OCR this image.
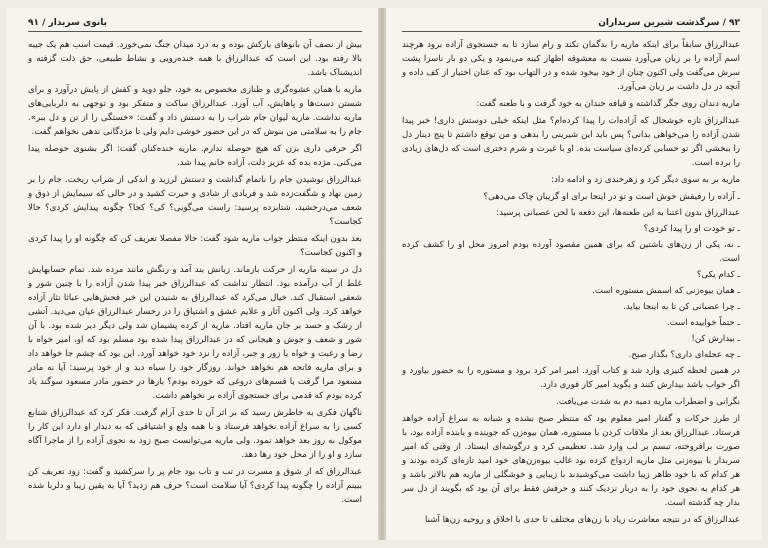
بانوی سربدار / ۹۱

بیش از نصف آن بانوهای بارکش بوده و به درد میدان جنگ نمی‌خورد. قیمت اسب هم یک جیبه بالا رفته بود. این است که عبدالرزاق با همه خنده‌رویی و نشاط طبیعی، حق ذلت گرفته و اندیشناک باشد.

ماریه با همان عشوه‌گری و طنازی مخصوص به خود، جلو دوید و کفش از پایش درآورد و برای شستن دست‌ها و پاهایش، آب آورد. عبدالرزاق ساکت و متفکر بود و توجهی به دلربایی‌های ماریه نداشت. ماریه لیوان جام شراب را به دستش داد و گفت: «خستگی را از تن و دل ببر». جام را به سلامتی من بنوش که در این حضور خوشی دایم ولی تا مژدگانی ندهی نخواهم گفت.

اگر حرفی داری بزن که هیچ حوصله ندارم. ماریه خنده‌کنان گفت: اگر بشنوی حوصله پیدا می‌کنی. مژده بده که عزیز دلت، آزاده خانم پیدا شد.

عبدالرزاق نوشیدن جام را ناتمام گذاشت و دستش لرزید و اندکی از شراب ریخت. جام را بر زمین نهاد و شگفت‌زده شد و فریادی از شادی و حیرت کشید و در حالی که سیمایش از ذوق و شعف می‌درخشید، شتابزده پرسید: راست می‌گویی؟ کی؟ کجا؟ چگونه پیدایش کردی؟ حالا کجاست؟

بعد بدون اینکه منتظر جواب ماریه شود گفت: حالا مفصلا تعریف کن که چگونه او را پیدا کردی و اکنون کجاست؟

دل در سینه ماریه از حرکت بازماند. زبانش بند آمد و رنگش مانند مرده شد. تمام حسابهایش غلط از آب درآمده بود. انتظار نداشت که عبدالرزاق خبر پیدا شدن آزاده را با چنین شور و شعفی استقبال کند. خیال می‌کرد که عبدالرزاق به شنیدن این خبر فحش‌هایی عباثا نثار آزاده خواهد کرد. ولی اکنون آثار و علایم عشق و اشتیاق را در رخسار عبدالرزاق عیان می‌دید. آتشی از رشک و حسد بر جان ماریه افتاد. ماریه از کرده پشیمان شد ولی دیگر دیر شده بود. با آن شور و شعف و جوش و هیجانی که در عبدالرزاق پیدا شده بود مسلم بود که او، امیر خواه با رضا و رغبت و خواه با زور و جبر، آزاده را نزد خود خواهد آورد. این بود که چشم جا خواهد داد و برای ماریه فاتحه هم نخواهد خواند. روزگار خود را سیاه دید و از خود پرسید: آیا نه مادر مسعود مرا گرفت یا قسم‌های دروغی که خورده بودم؟ بارها در حضور مادر مسعود سوگند یاد کرده بودم که قدمی برای جستجوی آزاده بر نخواهم داشت.

ناگهان فکری به خاطرش رسید که بر اثر آن تا حدی آرام گرفت. فکر کرد که عبدالرزاق شتابع کسی را به سراغ آزاده نخواهد فرستاد و با همه ولع و اشتیاقی که به دیدار او دارد این کار را موکول به روز بعد خواهد نمود. ولی ماریه می‌توانست صبح زود به نحوی آزاده را از ماجرا آگاه سازد و او را از محل خود رها دهد.

عبدالرزاق که از شوق و مسرت در تب و تاب بود جام پر را سرکشید و گفت: زود تعریف کن ببینم آزاده را چگونه پیدا کردی؟ آیا سلامت است؟ حرف هم زدید؟ آیا به یقین زیبا و دلربا شده است.

۹۲ / سرگذشت شیرین سربداران

عبدالرزاق سابقاً برای اینکه ماریه را بدگمان نکند و رام سازد تا به جستجوی آزاده برود هرچند اسم آزاده را بر زبان می‌آورد نسبت به معشوقه اظهار کینه می‌نمود و یکی دو بار ناسزا پشت سرش می‌گفت ولی اکنون چنان از خود بیخود شده و در التهاب بود که عنان اختیار از کف داده و آنچه در دل داشت بر زبان می‌آورد.

ماریه دندان روی جگر گذاشته و قیافه خندان به خود گرفت و با طعنه گفت:

عبدالرزاق تازه خوشحال که آزاده‌ات را پیدا کرده‌ام؟ مثل اینکه خیلی دوستش داری! خبر پیدا شدن آزاده را می‌خواهی بدانی؟ پس باید این شیرینی را بدهی و من توقع داشتم تا پنج دینار دل را ببخشی اگر تو حسابی کرده‌ای سیاست بده. او با غیرت و شرم دختری است که دل‌های زیادی را برده است.

ماریه بر به سوی دیگر کرد و زهرخندی زد و ادامه داد:

ـ آزاده را رفیقش خوش است و تو در اینجا برای او گریبان چاک می‌دهی؟

عبدالرزاق بدون اعتنا به این طعنه‌ها، این دفعه با لحن عصبانی پرسید:

ـ تو خودت او را پیدا کردی؟

ـ نه، یکی از زن‌های باشتین که برای همین مقصود آورده بودم امروز محل او را کشف کرده است.

ـ کدام یکی؟

ـ همان بیوه‌زنی که اسمش مستوره است.

ـ چرا عصبانی کن تا به اینجا بیاید.

ـ حتماً خوابیده است.

ـ بیدارش کن!

ـ چه عجله‌ای داری؟ بگذار صبح.

در همین لحظه کنیزی وارد شد و کتاب آورد. امیر امر کرد برود و مستوره را به حضور بیاورد و اگر خواب باشد بیدارش کنند و بگوید امیر کار فوری دارد.

نگرانی و اضطراب ماریه دمبه دم به شدت می‌یافت.

از طرز حرکات و گفتار امیر معلوم بود که منتظر صبح نشده و شبانه به سراغ آزاده خواهد فرستاد. عبدالرزاق بعد از ملاقات کردن با مستوره، همان بیوه‌زن که جوینده و یابنده آزاده بود، با صورت برافروخته، تبسم بر لب وارد شد. تعظیمی کرد و درگوشه‌ای ایستاد. از وقتی که امیر سربدار با بیوه‌زنی مثل ماریه ازدواج کرده بود غالب بیوه‌زن‌های خود امید تازه‌ای کرده بودند و هر کدام که با خود ظاهر زیبا داشت می‌کوشیدند با زیبایی و خوشگلی از ماریه هم بالاتر باشد و هر کدام به نحوی خود را به دربار نزدیک کنند و حرفش فقط برای آن بود که بگویند از دل سر بدار چه گذشته است.

عبدالرزاق که در نتیجه معاشرت زیاد با زن‌های مختلف تا حدی با اخلاق و روحیه زن‌ها آشنا
